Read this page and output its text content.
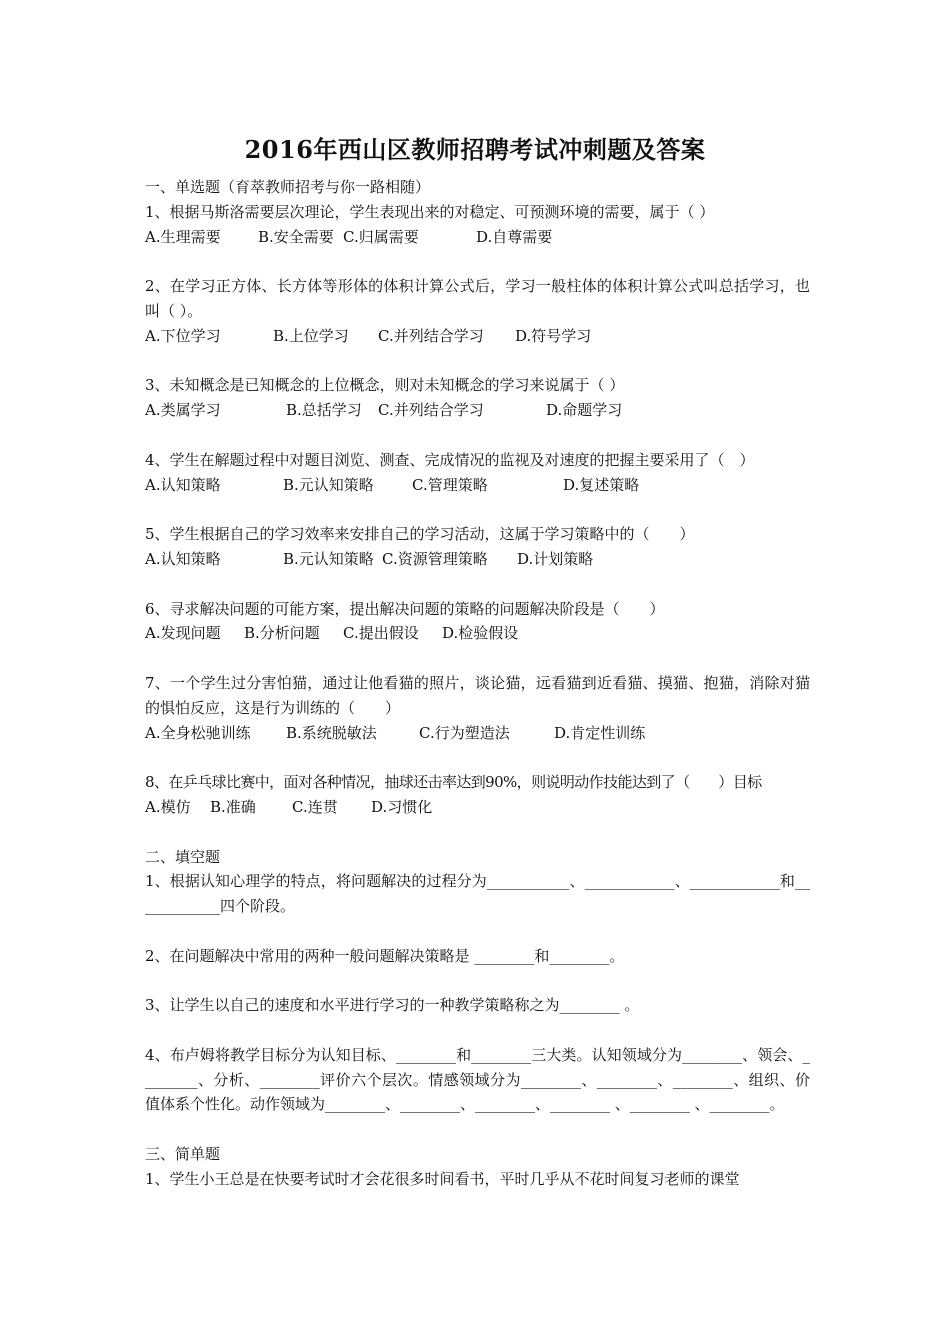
2016年西山区教师招聘考试冲刺题及答案
一、单选题（育萃教师招考与你一路相随）
1、根据马斯洛需要层次理论，学生表现出来的对稳定、可预测环境的需要，属于（ ）
A.生理需要 B.安全需要 C.归属需要	D.自尊需要
2、在学习正方体、长方体等形体的体积计算公式后，学习一般柱体的体积计算公式叫总括学习，也叫（ ）。
A.下位学习	B.上位学习 C.并列结合学习 D.符号学习
3、未知概念是已知概念的上位概念，则对未知概念的学习来说属于（ ）
A.类属学习	B.总括学习 C.并列结合学习	D.命题学习
4、学生在解题过程中对题目浏览、测查、完成情况的监视及对速度的把握主要采用了（　）
A.认知策略	B.元认知策略	C.管理策略	D.复述策略
5、学生根据自己的学习效率来安排自己的学习活动，这属于学习策略中的（　　）
A.认知策略	B.元认知策略 C.资源管理策略 D.计划策略
6、寻求解决问题的可能方案，提出解决问题的策略的问题解决阶段是（　　）
A.发现问题 B.分析问题 C.提出假设 D.检验假设
7、一个学生过分害怕猫，通过让他看猫的照片，谈论猫，远看猫到近看猫、摸猫、抱猫，消除对猫的惧怕反应，这是行为训练的（　　）
A.全身松驰训练 B.系统脱敏法	C.行为塑造法	D.肯定性训练
8、在乒乓球比赛中，面对各种情况，抽球还击率达到90%，则说明动作技能达到了（　　）目标
A.模仿 B.准确 C.连贯 D.习惯化
二、填空题
1、根据认知心理学的特点，将问题解决的过程分为___________、____________、____________和____________四个阶段。
2、在问题解决中常用的两种一般问题解决策略是 ________和________。
3、让学生以自己的速度和水平进行学习的一种教学策略称之为________ 。
4、布卢姆将教学目标分为认知目标、________和________三大类。认知领域分为________、领会、________、分析、________评价六个层次。情感领域分为________、________、________、组织、价值体系个性化。动作领域为________、________、________、________ 、________ 、________。
三、简单题
1、学生小王总是在快要考试时才会花很多时间看书，平时几乎从不花时间复习老师的课堂
